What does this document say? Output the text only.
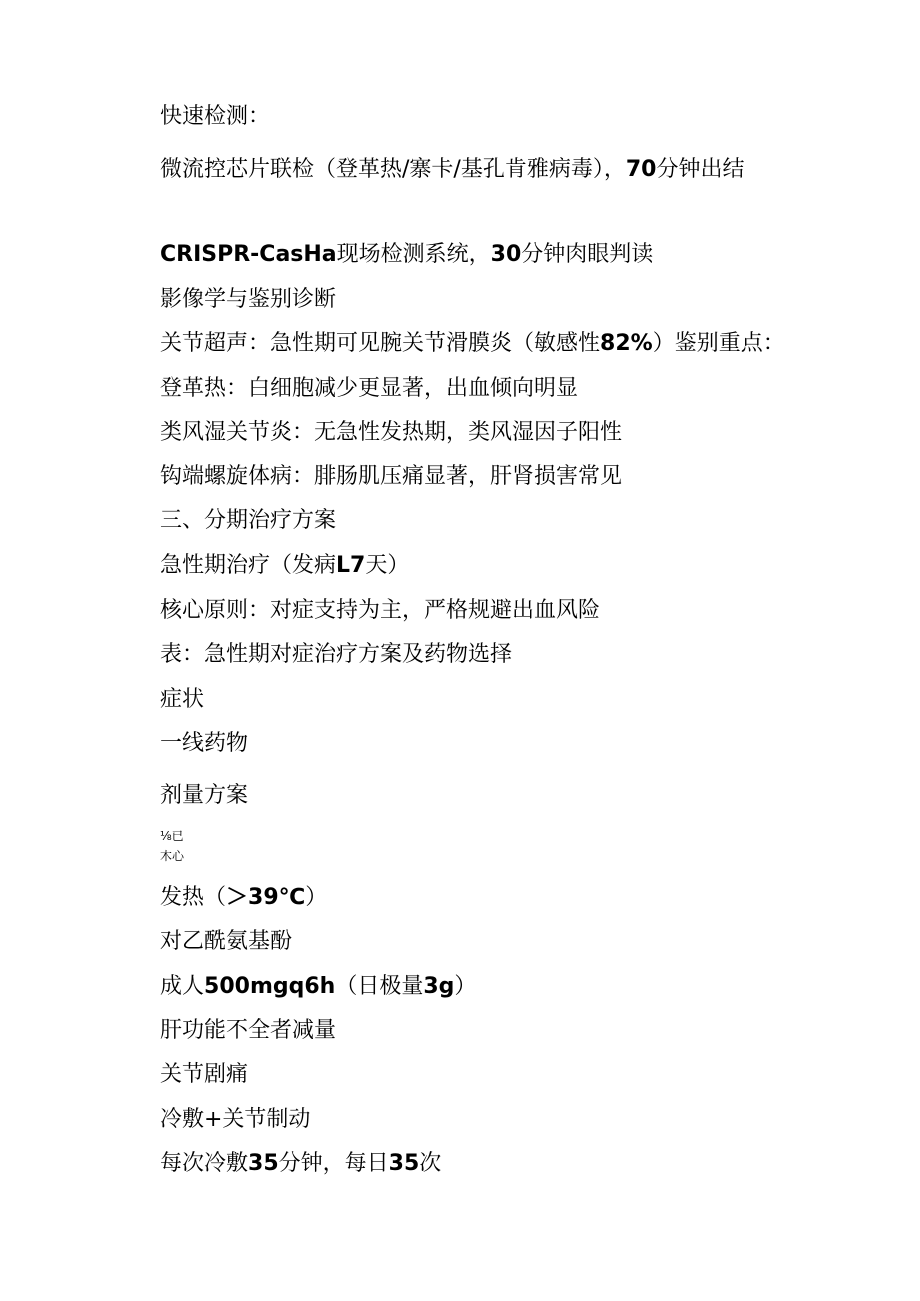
快速检测：
微流控芯片联检（登革热/寨卡/基孔肯雅病毒），70分钟出结
CRISPR-CasHa现场检测系统，30分钟肉眼判读
影像学与鉴别诊断
关节超声：急性期可见腕关节滑膜炎（敏感性82%）鉴别重点：
登革热：白细胞减少更显著，出血倾向明显
类风湿关节炎：无急性发热期，类风湿因子阳性
钩端螺旋体病：腓肠肌压痛显著，肝肾损害常见
三、分期治疗方案
急性期治疗（发病L7天）
核心原则：对症支持为主，严格规避出血风险
表：急性期对症治疗方案及药物选择
症状
一线药物
剂量方案
⅛已
木心
发热（＞39℃）
对乙酰氨基酚
成人500mgq6h（日极量3g）
肝功能不全者减量
关节剧痛
冷敷+关节制动
每次冷敷35分钟，每日35次
